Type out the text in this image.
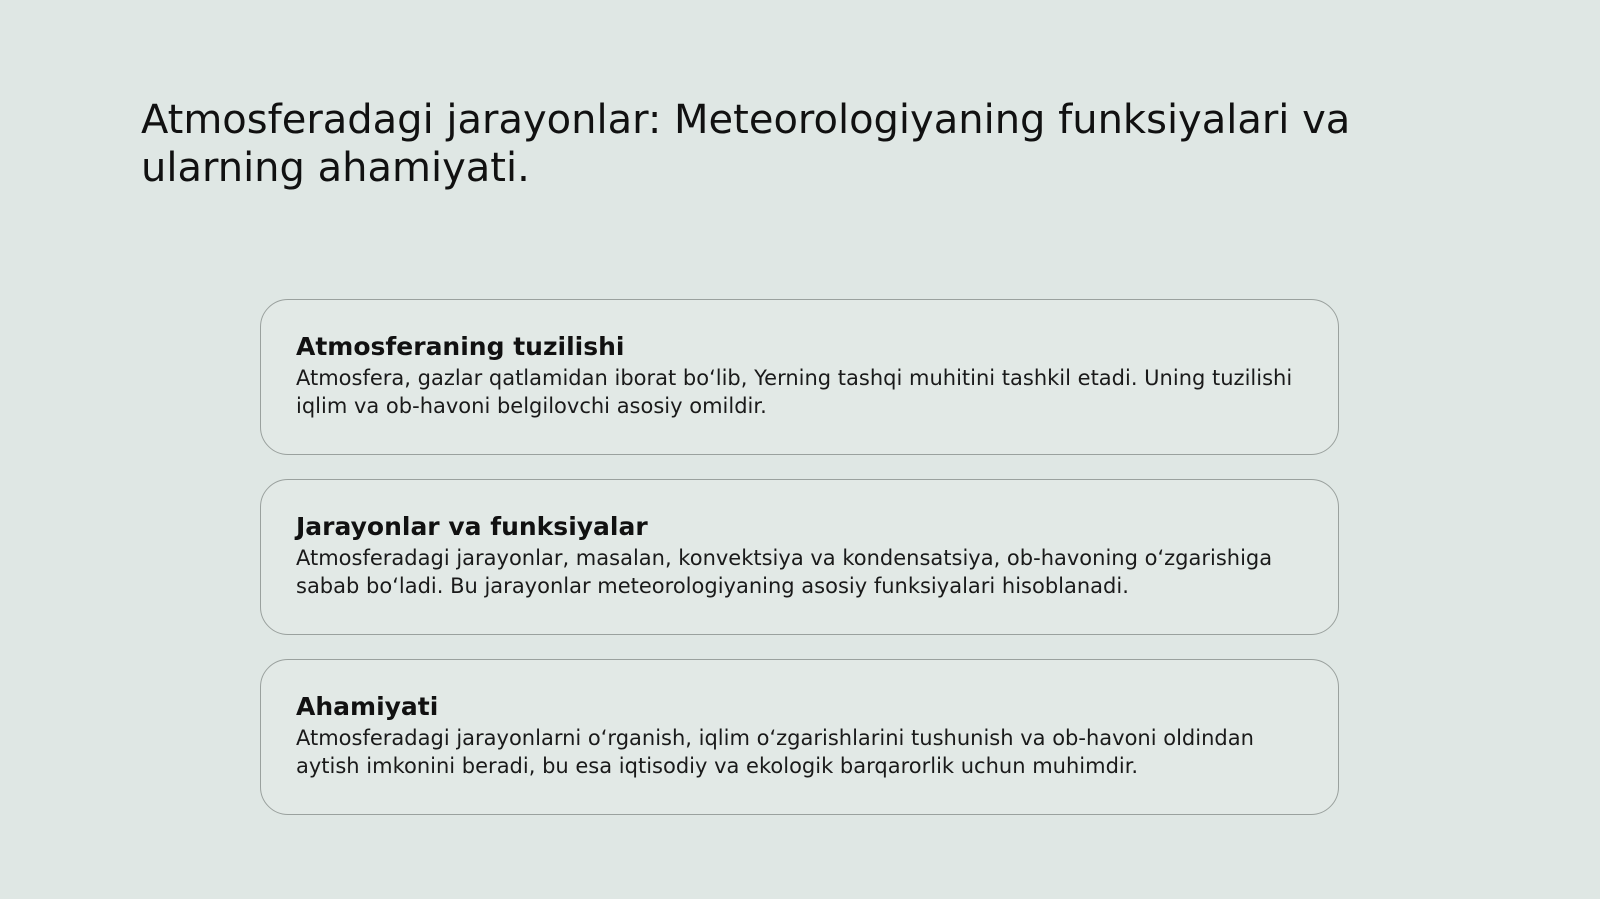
Atmosferadagi jarayonlar: Meteorologiyaning funksiyalari va ularning ahamiyati.
Atmosferaning tuzilishi

Atmosfera, gazlar qatlamidan iborat bo‘lib, Yerning tashqi muhitini tashkil etadi. Uning tuzilishi iqlim va ob-havoni belgilovchi asosiy omildir.

Jarayonlar va funksiyalar

Atmosferadagi jarayonlar, masalan, konvektsiya va kondensatsiya, ob-havoning o‘zgarishiga sabab bo‘ladi. Bu jarayonlar meteorologiyaning asosiy funksiyalari hisoblanadi.

Ahamiyati

Atmosferadagi jarayonlarni o‘rganish, iqlim o‘zgarishlarini tushunish va ob-havoni oldindan aytish imkonini beradi, bu esa iqtisodiy va ekologik barqarorlik uchun muhimdir.
